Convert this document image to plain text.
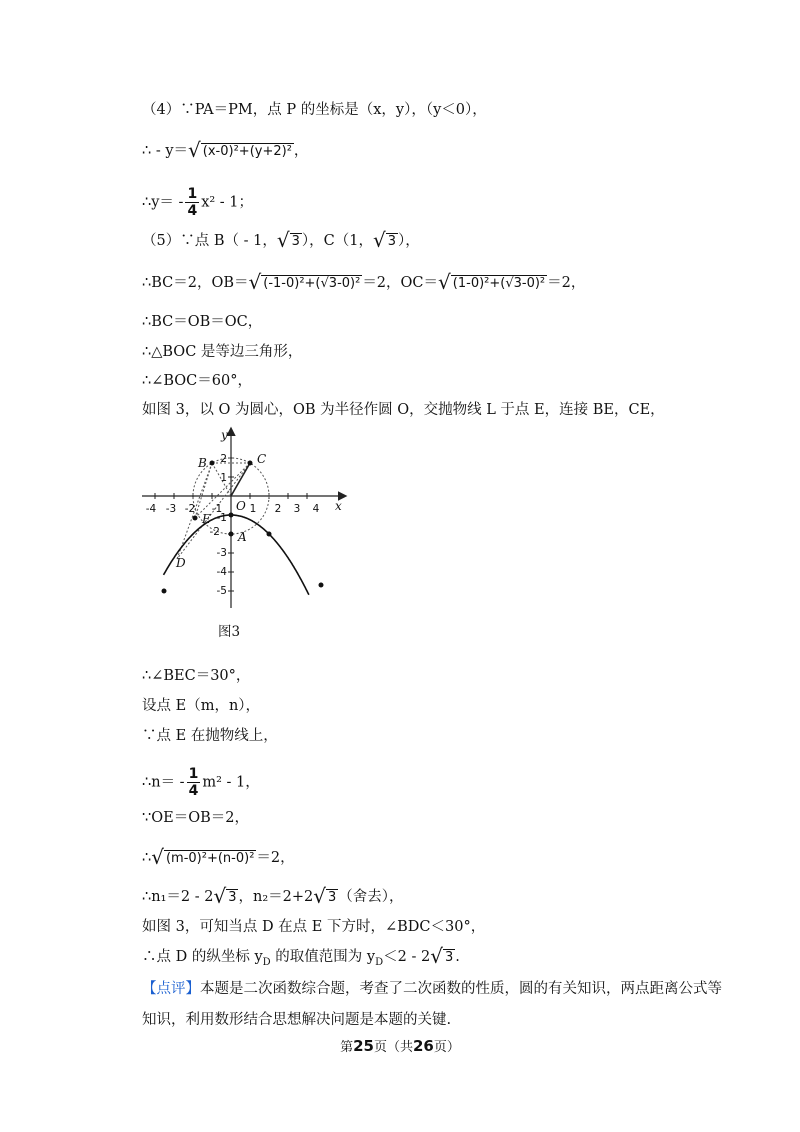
（4）∵PA＝PM，点 P 的坐标是（x，y），（y＜0），
∴ - y＝√ (x-0)²+(y+2)² ，
∴y＝ - $\frac{1}{4} x^2 - 1$；
（5）∵点 B（ - 1，√ 3 ），C（1，√ 3 ），
∴BC＝2，OB＝√ (-1-0)²+(√3-0)² ＝2，OC＝√ (1-0)²+(√3-0)² ＝2，
∴BC＝OB＝OC，
∴△BOC 是等边三角形，
∴∠BOC＝60°，
如图 3，以 O 为圆心，OB 为半径作圆 O，交抛物线 L 于点 E，连接 BE，CE，
x
y
B	C
E
D
A
O
-4 -3 -2 -1	1 2 3 4
2
1
-1
-2
-3
-4
-5
图3
∴∠BEC＝30°，
设点 E（m，n），
∵点 E 在抛物线上，
∴n＝ - $\frac{1}{4} m^2 - 1$，
∵OE＝OB＝2，
∴√ (m-0)²+(n-0)² ＝2，
∴n₁＝2 - 2√ 3 ，n₂＝2+2√ 3 （舍去），
如图 3，可知当点 D 在点 E 下方时，∠BDC＜30°，
∴点 D 的纵坐标 $y_D$ 的取值范围为 $y_D<2 - 2√$ 3 .
【点评】本题是二次函数综合题，考查了二次函数的性质，圆的有关知识，两点距离公式等
知识，利用数形结合思想解决问题是本题的关键.
第25页（共26页）
